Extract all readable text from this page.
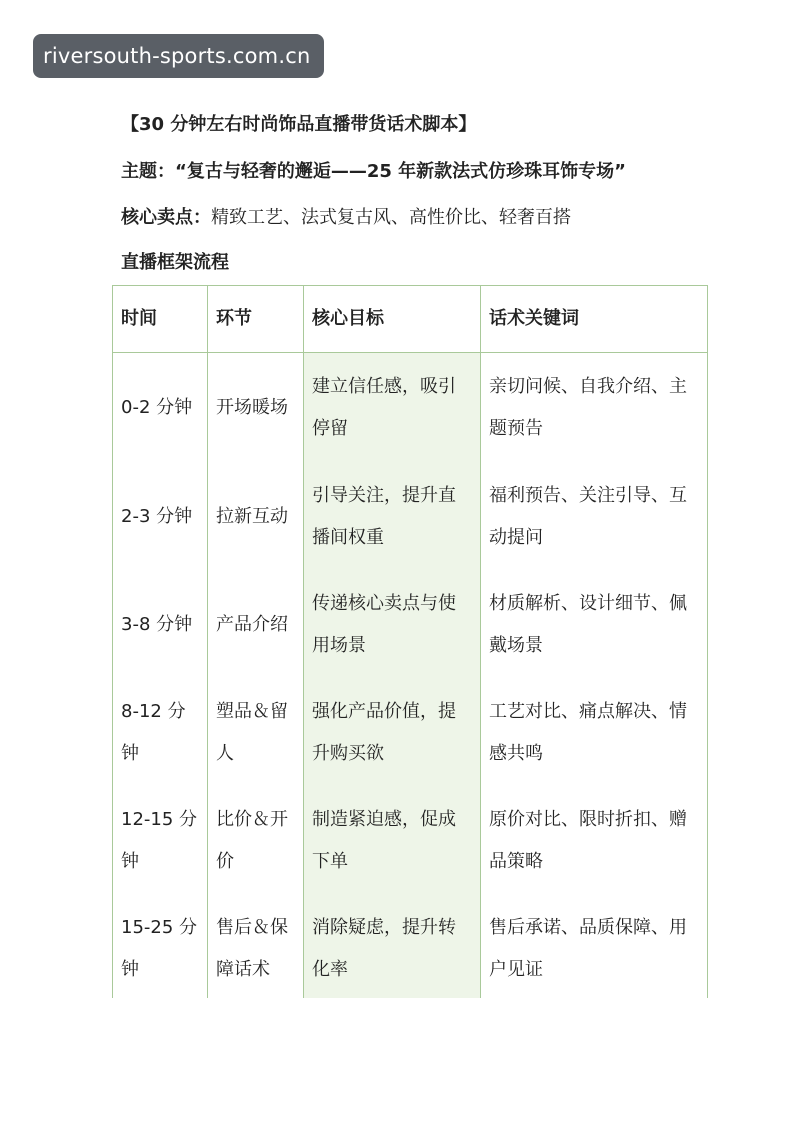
riversouth-sports.com.cn
【30 分钟左右时尚饰品直播带货话术脚本】
主题：“复古与轻奢的邂逅——25 年新款法式仿珍珠耳饰专场”
核心卖点：精致工艺、法式复古风、高性价比、轻奢百搭
直播框架流程
时间	环节	核心目标	话术关键词
0-2 分钟	开场暖场	建立信任感，吸引停留	亲切问候、自我介绍、主题预告
2-3 分钟	拉新互动	引导关注，提升直播间权重	福利预告、关注引导、互动提问
3-8 分钟	产品介绍	传递核心卖点与使用场景	材质解析、设计细节、佩戴场景
8-12 分钟	塑品＆留人	强化产品价值，提升购买欲	工艺对比、痛点解决、情感共鸣
12-15 分钟	比价＆开价	制造紧迫感，促成下单	原价对比、限时折扣、赠品策略
15-25 分钟	售后＆保障话术	消除疑虑，提升转化率	售后承诺、品质保障、用户见证
